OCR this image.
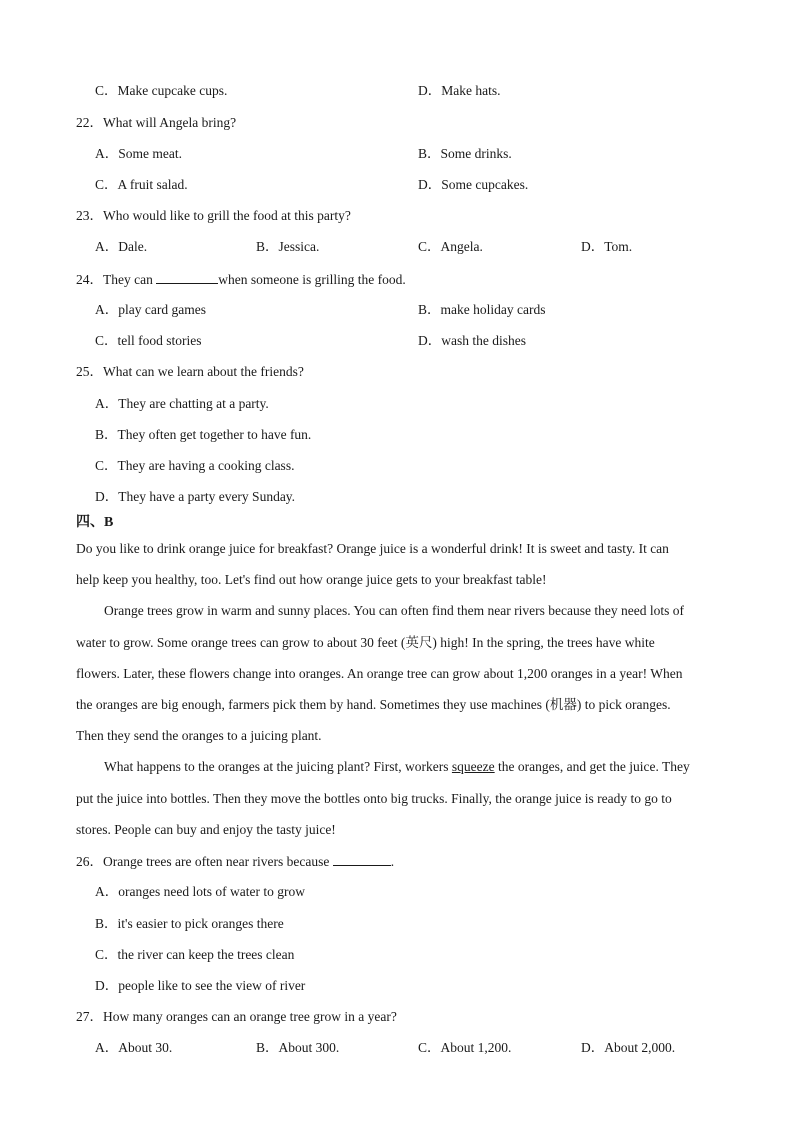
C．Make cupcake cups.	D．Make hats.
22．What will Angela bring?
A．Some meat.	B．Some drinks.
C．A fruit salad.	D．Some cupcakes.
23．Who would like to grill the food at this party?
A．Dale.	B．Jessica.	C．Angela.	D．Tom.
24．They can	when someone is grilling the food.
A．play card games	B．make holiday cards
C．tell food stories	D．wash the dishes
25．What can we learn about the friends?
A．They are chatting at a party.
B．They often get together to have fun.
C．They are having a cooking class.
D．They have a party every Sunday.
四、B
Do you like to drink orange juice for breakfast? Orange juice is a wonderful drink! It is sweet and tasty. It can
help keep you healthy, too. Let's find out how orange juice gets to your breakfast table!
Orange trees grow in warm and sunny places. You can often find them near rivers because they need lots of
water to grow. Some orange trees can grow to about 30 feet (英尺) high! In the spring, the trees have white
flowers. Later, these flowers change into oranges. An orange tree can grow about 1,200 oranges in a year! When
the oranges are big enough, farmers pick them by hand. Sometimes they use machines (机器) to pick oranges.
Then they send the oranges to a juicing plant.
What happens to the oranges at the juicing plant? First, workers squeeze the oranges, and get the juice. They
put the juice into bottles. Then they move the bottles onto big trucks. Finally, the orange juice is ready to go to
stores. People can buy and enjoy the tasty juice!
26．Orange trees are often near rivers because	.
A．oranges need lots of water to grow
B．it's easier to pick oranges there
C．the river can keep the trees clean
D．people like to see the view of river
27．How many oranges can an orange tree grow in a year?
A．About 30.	B．About 300.	C．About 1,200.	D．About 2,000.
